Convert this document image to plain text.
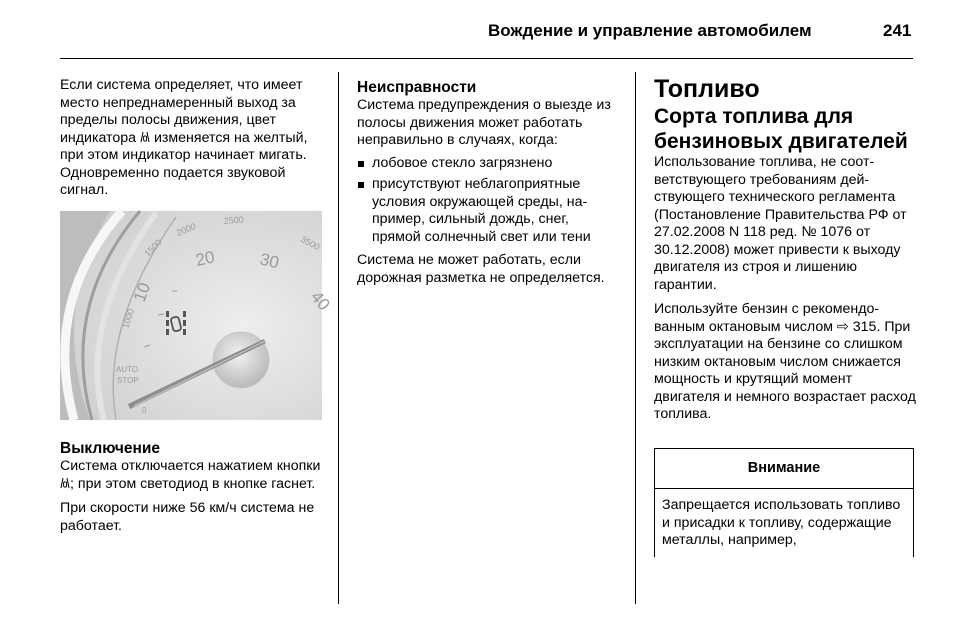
Вождение и управление автомобилем	241

Если система определяет, что имеет место непреднамеренный выход за пределы полосы движения, цвет индикатора изменяется на желтый, при этом индикатор начинает мигать. Одновременно подается звуковой сигнал.

1000
1500
2000
2500
3500
10
20 30
40
AUTO
STOP
0

Выключение

Система отключается нажатием кнопки ; при этом светодиод в кнопке гаснет.

При скорости ниже 56 км/ч система не работает.

Неисправности

Система предупреждения о выезде из полосы движения может работать неправильно в случаях, когда:

лобовое стекло загрязнено
присутствуют неблагоприятные условия окружающей среды, например, сильный дождь, снег, прямой солнечный свет или тени

Система не может работать, если дорожная разметка не определяется.

Топливо

Сорта топлива для бензиновых двигателей

Использование топлива, не соответствующего требованиям действующего технического регламента (Постановление Правительства РФ от 27.02.2008 N 118 ред. № 1076 от 30.12.2008) может привести к выходу двигателя из строя и лишению гарантии.

Используйте бензин с рекомендованным октановым числом ⇨ 315. При эксплуатации на бензине со слишком низким октановым числом снижается мощность и крутящий момент двигателя и немного возрастает расход топлива.

Внимание
Запрещается использовать топливо и присадки к топливу, содержащие металлы, например,
